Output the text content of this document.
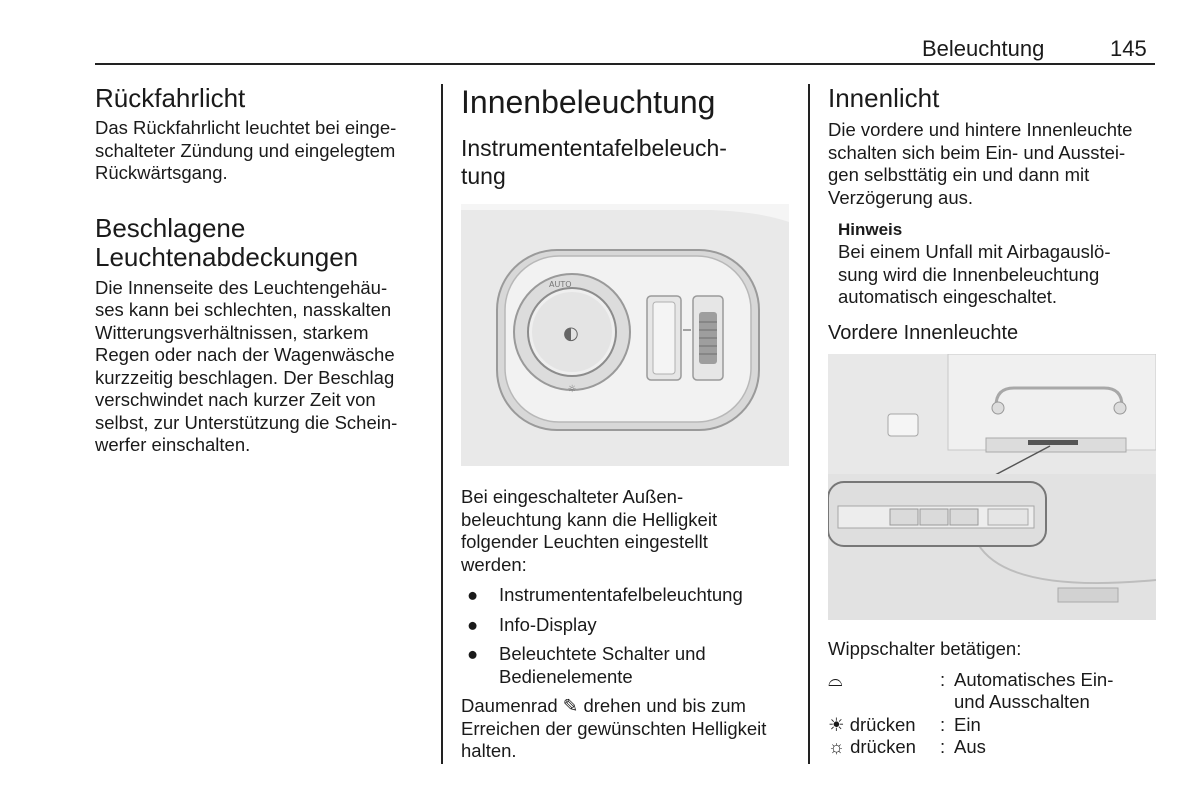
Beleuchtung	145
Rückfahrlicht
Das Rückfahrlicht leuchtet bei einge-
schalteter Zündung und eingelegtem
Rückwärtsgang.
Beschlagene
Leuchtenabdeckungen
Die Innenseite des Leuchtengehäu-
ses kann bei schlechten, nasskalten
Witterungsverhältnissen, starkem
Regen oder nach der Wagenwäsche
kurzzeitig beschlagen. Der Beschlag
verschwindet nach kurzer Zeit von
selbst, zur Unterstützung die Schein-
werfer einschalten.
Innenbeleuchtung
Instrumententafelbeleuch-
tung
AUTO
◐
☼
Bei eingeschalteter Außen-
beleuchtung kann die Helligkeit
folgender Leuchten eingestellt
werden:
●	Instrumententafelbeleuchtung
●	Info-Display
●	Beleuchtete Schalter und
Bedienelemente
Daumenrad ✎ drehen und bis zum
Erreichen der gewünschten Helligkeit
halten.
Innenlicht
Die vordere und hintere Innenleuchte
schalten sich beim Ein- und Ausstei-
gen selbsttätig ein und dann mit
Verzögerung aus.
Hinweis
Bei einem Unfall mit Airbagauslö-
sung wird die Innenbeleuchtung
automatisch eingeschaltet.
Vordere Innenleuchte
Wippschalter betätigen:
⌓	: Automatisches Ein-
und Ausschalten
☀ drücken	: Ein
☼ drücken	: Aus
